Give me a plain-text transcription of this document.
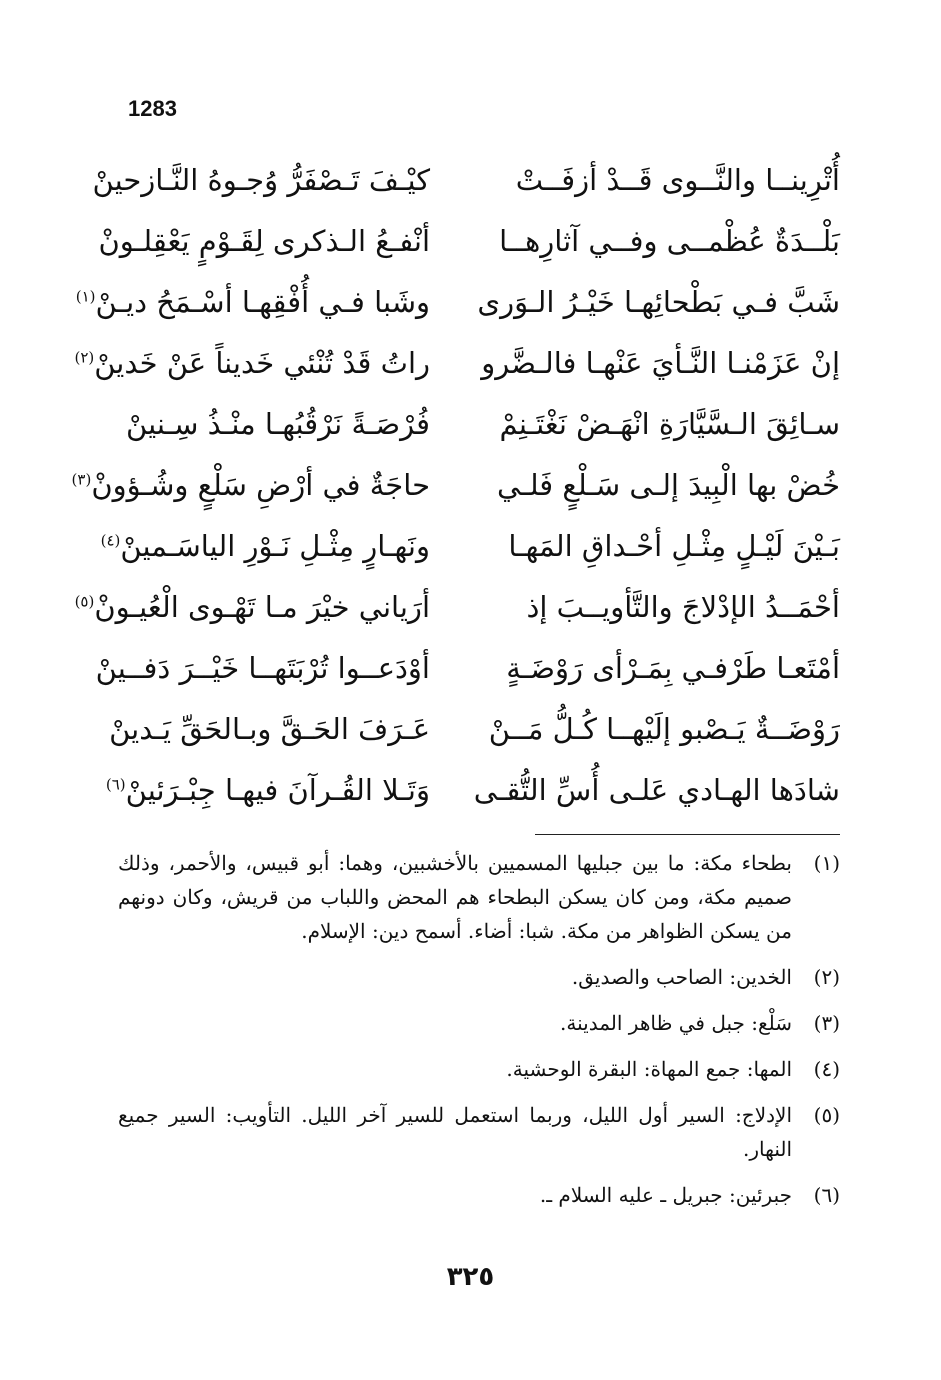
1283
أُتْرِينــا والنَّــوى قَــدْ أزفَــتْ
كيْـفَ تَـصْفَرُّ وُجـوهُ النَّـازحينْ
بَلْــدَةٌ عُظْمــى وفــي آثارِهــا
أنْفـعُ الـذكرى لِقَـوْمٍ يَعْقِلـونْ
شَبَّ فـي بَطْحائِهـا خَيْـرُ الـوَرى
وشَبا فـي أُفْقِهـا أسْـمَحُ ديـنْ$^{(١)}$
إنْ عَزَمْنـا النَّـأيَ عَنْهـا فالـضَّرو
راتُ قَدْ تُنْئي خَديناً عَنْ خَدينْ$^{(٢)}$
سـائِقَ الـسَّيَّارَةِ انْهَـضْ نَغْتَـنِمْ
فُرْصَـةً نَرْقُبُهـا منْـذُ سِـنينْ
خُضْ بها الْبِيدَ إلـى سَـلْعٍ فَلـي
حاجَةٌ في أرْضِ سَلْعٍ وشُـؤونْ$^{(٣)}$
بَـيْنَ لَيْـلٍ مِثْـلِ أحْـداقِ المَهـا
ونَهـارٍ مِثْـلِ نَـوْرِ الياسَـمينْ$^{(٤)}$
أحْمَــدُ الإدْلاجَ والتَّأويــبَ إذ
أرَياني خيْرَ مـا تَهْـوى الْعُيـونْ$^{(٥)}$
أمْتَعـا طَرْفـي بِمَـرْأى رَوْضَـةٍ
أوْدَعــوا تُرْبَتَهــا خَيْــرَ دَفــينْ
رَوْضَــةٌ يَـصْبو إلَيْهــا كُـلُّ مَــنْ
عَـرَفَ الحَـقَّ وبـالحَقِّ يَـدينْ
شادَها الهـادي عَلـى أُسِّ التُّقـى
وَتَـلا القُـرآنَ فيهـا جِبْـرَئينْ$^{(٦)}$
(١)
بطحاء مكة: ما بين جبليها المسميين بالأخشبين، وهما: أبو قبيس، والأحمر، وذلك صميم مكة، ومن كان يسكن البطحاء هم المحض واللباب من قريش، وكان دونهم من يسكن الظواهر من مكة. شبا: أضاء. أسمح دين: الإسلام.
(٢)
الخدين: الصاحب والصديق.
(٣)
سَلْع: جبل في ظاهر المدينة.
(٤)
المها: جمع المهاة: البقرة الوحشية.
(٥)
الإدلاج: السير أول الليل، وربما استعمل للسير آخر الليل. التأويب: السير جميع النهار.
(٦)
جبرئين: جبريل ـ عليه السلام ـ.
٣٢٥
